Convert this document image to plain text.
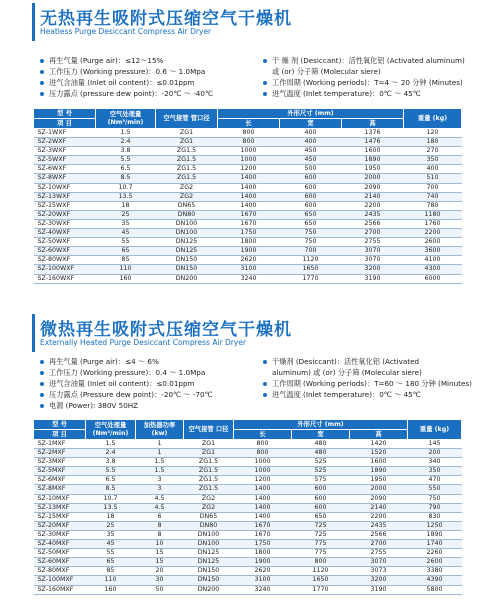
无热再生吸附式压缩空气干燥机
Heatless Purge Desiccant Compress Air Dryer
再生气量 (Purge air)：≤12～15%
工作压力 (Working pressure)：0.6 ～ 1.0Mpa
进气含油量 (Inlet oil content)：≤0.01ppm
压力露点 (pressure dew point)：-20℃ ～ -40℃
干 燥 剂 (Desiccant)：活性氧化铝 (Activated aluminum)
或 (or) 分子筛 (Molecular siere)
工作周期 (Working periods)：T=4 ～ 20 分钟 (Minutes)
进气温度 (Inlet temperature)：0℃ ～ 45℃
型 号	空气处理量 (Nm³/min)	空气接管 管口径	外形尺寸 (mm)			重量 (kg)
项 目			长	宽	高	
SZ-1WXF	1.5	ZG1	800	400	1376	120
SZ-2WXF	2.4	ZG1	800	400	1476	180
SZ-3WXF	3.8	ZG1.5	1000	450	1600	270
SZ-5WXF	5.5	ZG1.5	1000	450	1890	350
SZ-6WXF	6.5	ZG1.5	1200	500	1950	400
SZ-8WXF	8.5	ZG1.5	1400	600	2000	510
SZ-10WXF	10.7	ZG2	1400	600	2090	700
SZ-13WXF	13.5	ZG2	1400	600	2140	740
SZ-15WXF	18	DN65	1400	600	2200	780
SZ-20WXF	25	DN80	1670	650	2435	1180
SZ-30WXF	35	DN100	1670	650	2566	1760
SZ-40WXF	45	DN100	1750	750	2700	2200
SZ-50WXF	55	DN125	1800	750	2755	2600
SZ-60WXF	65	DN125	1900	700	3070	3600
SZ-80WXF	85	DN150	2620	1120	3070	4100
SZ-100WXF	110	DN150	3100	1650	3200	4300
SZ-160WXF	160	DN200	3240	1770	3190	6000
微热再生吸附式压缩空气干燥机
Externally Heated Purge Desiccant Compress Air Dryer
再生气量 (Purge air)：≤4 ～ 6%
工作压力 (Working pressure)：0.4 ～ 1.0Mpa
进气含油量 (Inlet oil content)：≤0.01ppm
压力露点 (Pressure dew point)：-20℃ ～ -70℃
电源 (Power): 380V 50HZ
干燥剂 (Desiccant)：活性氧化铝 (Activated
aluminum) 或 (or) 分子筛 (Molecular siere)
工作周期 (Working periods)：T=60 ～ 180 分钟 (Minutes)
进气温度 (Inlet temperature)：0℃ ～ 45℃
型 号	空气处理量 (Nm³/min)	加热器功率 (kw)	空气接管 口径	外形尺寸 (mm)			重量 (kg)
项 目				长	宽	高	
SZ-1MXF	1.5	1	ZG1	800	480	1420	145
SZ-2MXF	2.4	1	ZG1	800	480	1520	200
SZ-3MXF	3.8	1.5	ZG1.5	1000	525	1600	340
SZ-5MXF	5.5	1.5	ZG1.5	1000	525	1890	350
SZ-6MXF	6.5	3	ZG1.5	1200	575	1950	470
SZ-8MXF	8.5	3	ZG1.5	1400	600	2000	550
SZ-10MXF	10.7	4.5	ZG2	1400	600	2090	750
SZ-13MXF	13.5	4.5	ZG2	1400	600	2140	790
SZ-15MXF	18	6	DN65	1400	650	2200	830
SZ-20MXF	25	8	DN80	1670	725	2435	1250
SZ-30MXF	35	8	DN100	1670	725	2566	1890
SZ-40MXF	45	10	DN100	1750	775	2700	1740
SZ-50MXF	55	15	DN125	1800	775	2755	2260
SZ-60MXF	65	15	DN125	1900	800	3070	2600
SZ-80MXF	85	20	DN150	2620	1120	3073	3380
SZ-100MXF	110	30	DN150	3100	1650	3200	4390
SZ-160MXF	160	50	DN200	3240	1770	3190	5800
